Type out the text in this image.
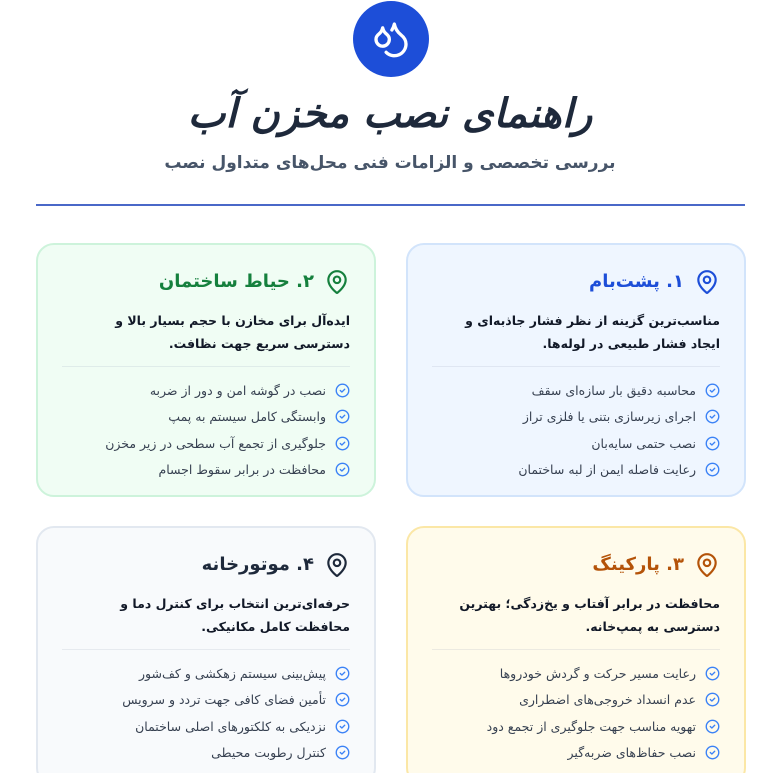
راهنمای نصب مخزن آب
بررسی تخصصی و الزامات فنی محل‌های متداول نصب
۱. پشت‌بام

مناسب‌ترین گزینه از نظر فشار جاذبه‌ای و ایجاد فشار طبیعی در لوله‌ها.

محاسبه دقیق بار سازه‌ای سقف
اجرای زیرسازی بتنی یا فلزی تراز
نصب حتمی سایه‌بان
رعایت فاصله ایمن از لبه ساختمان
۲. حیاط ساختمان

ایده‌آل برای مخازن با حجم بسیار بالا و دسترسی سریع جهت نظافت.

نصب در گوشه امن و دور از ضربه
وابستگی کامل سیستم به پمپ
جلوگیری از تجمع آب سطحی در زیر مخزن
محافظت در برابر سقوط اجسام
۳. پارکینگ

محافظت در برابر آفتاب و یخ‌زدگی؛ بهترین دسترسی به پمپ‌خانه.

رعایت مسیر حرکت و گردش خودروها
عدم انسداد خروجی‌های اضطراری
تهویه مناسب جهت جلوگیری از تجمع دود
نصب حفاظ‌های ضربه‌گیر
۴. موتورخانه

حرفه‌ای‌ترین انتخاب برای کنترل دما و محافظت کامل مکانیکی.

پیش‌بینی سیستم زهکشی و کف‌شور
تأمین فضای کافی جهت تردد و سرویس
نزدیکی به کلکتورهای اصلی ساختمان
کنترل رطوبت محیطی
